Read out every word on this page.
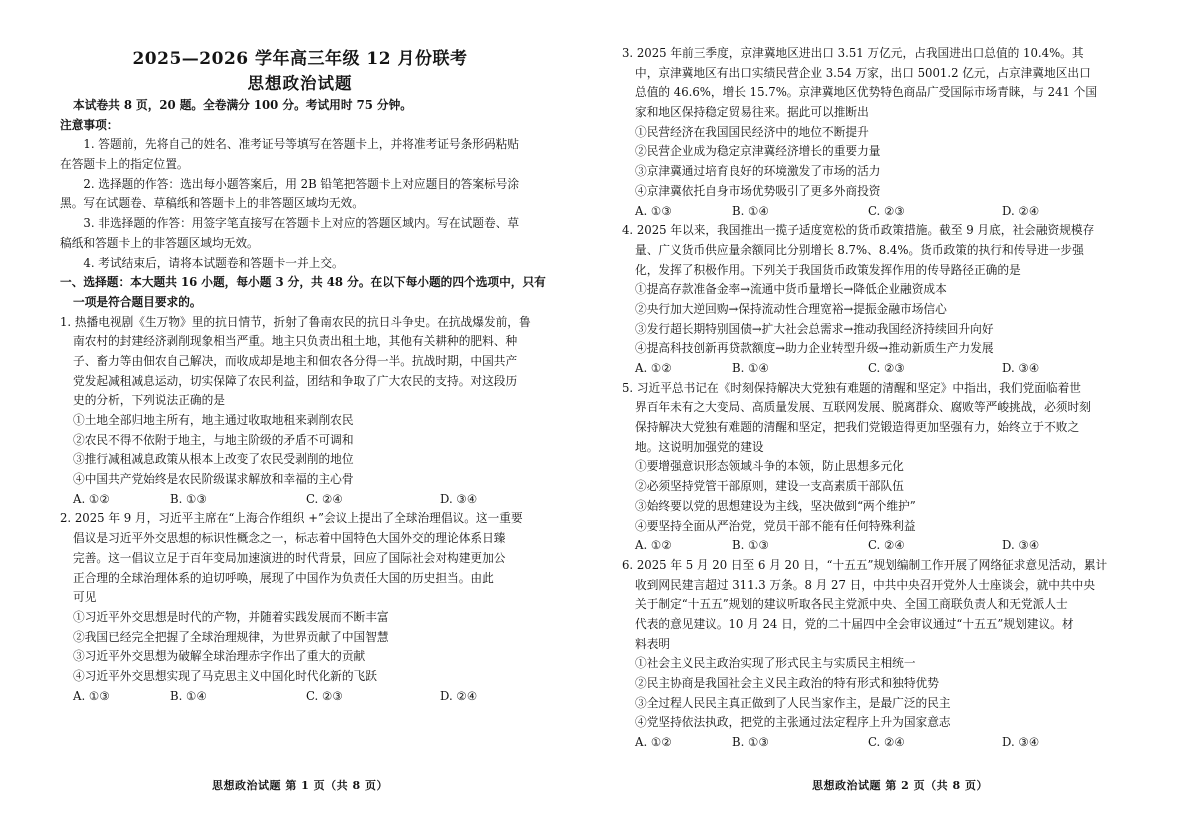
2025—2026 学年高三年级 12 月份联考
思想政治试题
本试卷共 8 页，20 题。全卷满分 100 分。考试用时 75 分钟。
注意事项：
1. 答题前，先将自己的姓名、准考证号等填写在答题卡上，并将准考证号条形码粘贴
在答题卡上的指定位置。
2. 选择题的作答：选出每小题答案后，用 2B 铅笔把答题卡上对应题目的答案标号涂
黑。写在试题卷、草稿纸和答题卡上的非答题区域均无效。
3. 非选择题的作答：用签字笔直接写在答题卡上对应的答题区域内。写在试题卷、草
稿纸和答题卡上的非答题区域均无效。
4. 考试结束后，请将本试题卷和答题卡一并上交。
一、选择题：本大题共 16 小题，每小题 3 分，共 48 分。在以下每小题的四个选项中，只有
一项是符合题目要求的。
1. 热播电视剧《生万物》里的抗日情节，折射了鲁南农民的抗日斗争史。在抗战爆发前，鲁
南农村的封建经济剥削现象相当严重。地主只负责出租土地，其他有关耕种的肥料、种
子、畜力等由佃农自己解决，而收成却是地主和佃农各分得一半。抗战时期，中国共产
党发起减租减息运动，切实保障了农民利益，团结和争取了广大农民的支持。对这段历
史的分析，下列说法正确的是
①土地全部归地主所有，地主通过收取地租来剥削农民
②农民不得不依附于地主，与地主阶级的矛盾不可调和
③推行减租减息政策从根本上改变了农民受剥削的地位
④中国共产党始终是农民阶级谋求解放和幸福的主心骨
A. ①②	B. ①③	C. ②④	D. ③④
2. 2025 年 9 月，习近平主席在“上海合作组织 +”会议上提出了全球治理倡议。这一重要
倡议是习近平外交思想的标识性概念之一，标志着中国特色大国外交的理论体系日臻
完善。这一倡议立足于百年变局加速演进的时代背景，回应了国际社会对构建更加公
正合理的全球治理体系的迫切呼唤，展现了中国作为负责任大国的历史担当。由此
可见
①习近平外交思想是时代的产物，并随着实践发展而不断丰富
②我国已经完全把握了全球治理规律，为世界贡献了中国智慧
③习近平外交思想为破解全球治理赤字作出了重大的贡献
④习近平外交思想实现了马克思主义中国化时代化新的飞跃
A. ①③	B. ①④	C. ②③	D. ②④
思想政治试题 第 1 页（共 8 页）
3. 2025 年前三季度，京津冀地区进出口 3.51 万亿元，占我国进出口总值的 10.4%。其
中，京津冀地区有出口实绩民营企业 3.54 万家，出口 5001.2 亿元，占京津冀地区出口
总值的 46.6%，增长 15.7%。京津冀地区优势特色商品广受国际市场青睐，与 241 个国
家和地区保持稳定贸易往来。据此可以推断出
①民营经济在我国国民经济中的地位不断提升
②民营企业成为稳定京津冀经济增长的重要力量
③京津冀通过培育良好的环境激发了市场的活力
④京津冀依托自身市场优势吸引了更多外商投资
A. ①③	B. ①④	C. ②③	D. ②④
4. 2025 年以来，我国推出一揽子适度宽松的货币政策措施。截至 9 月底，社会融资规模存
量、广义货币供应量余额同比分别增长 8.7%、8.4%。货币政策的执行和传导进一步强
化，发挥了积极作用。下列关于我国货币政策发挥作用的传导路径正确的是
①提高存款准备金率→流通中货币量增长→降低企业融资成本
②央行加大逆回购→保持流动性合理宽裕→提振金融市场信心
③发行超长期特别国债→扩大社会总需求→推动我国经济持续回升向好
④提高科技创新再贷款额度→助力企业转型升级→推动新质生产力发展
A. ①②	B. ①④	C. ②③	D. ③④
5. 习近平总书记在《时刻保持解决大党独有难题的清醒和坚定》中指出，我们党面临着世
界百年未有之大变局、高质量发展、互联网发展、脱离群众、腐败等严峻挑战，必须时刻
保持解决大党独有难题的清醒和坚定，把我们党锻造得更加坚强有力，始终立于不败之
地。这说明加强党的建设
①要增强意识形态领域斗争的本领，防止思想多元化
②必须坚持党管干部原则，建设一支高素质干部队伍
③始终要以党的思想建设为主线，坚决做到“两个维护”
④要坚持全面从严治党，党员干部不能有任何特殊利益
A. ①②	B. ①③	C. ②④	D. ③④
6. 2025 年 5 月 20 日至 6 月 20 日，“十五五”规划编制工作开展了网络征求意见活动，累计
收到网民建言超过 311.3 万条。8 月 27 日，中共中央召开党外人士座谈会，就中共中央
关于制定“十五五”规划的建议听取各民主党派中央、全国工商联负责人和无党派人士
代表的意见建议。10 月 24 日，党的二十届四中全会审议通过“十五五”规划建议。材
料表明
①社会主义民主政治实现了形式民主与实质民主相统一
②民主协商是我国社会主义民主政治的特有形式和独特优势
③全过程人民民主真正做到了人民当家作主，是最广泛的民主
④党坚持依法执政，把党的主张通过法定程序上升为国家意志
A. ①②	B. ①③	C. ②④	D. ③④
思想政治试题 第 2 页（共 8 页）
